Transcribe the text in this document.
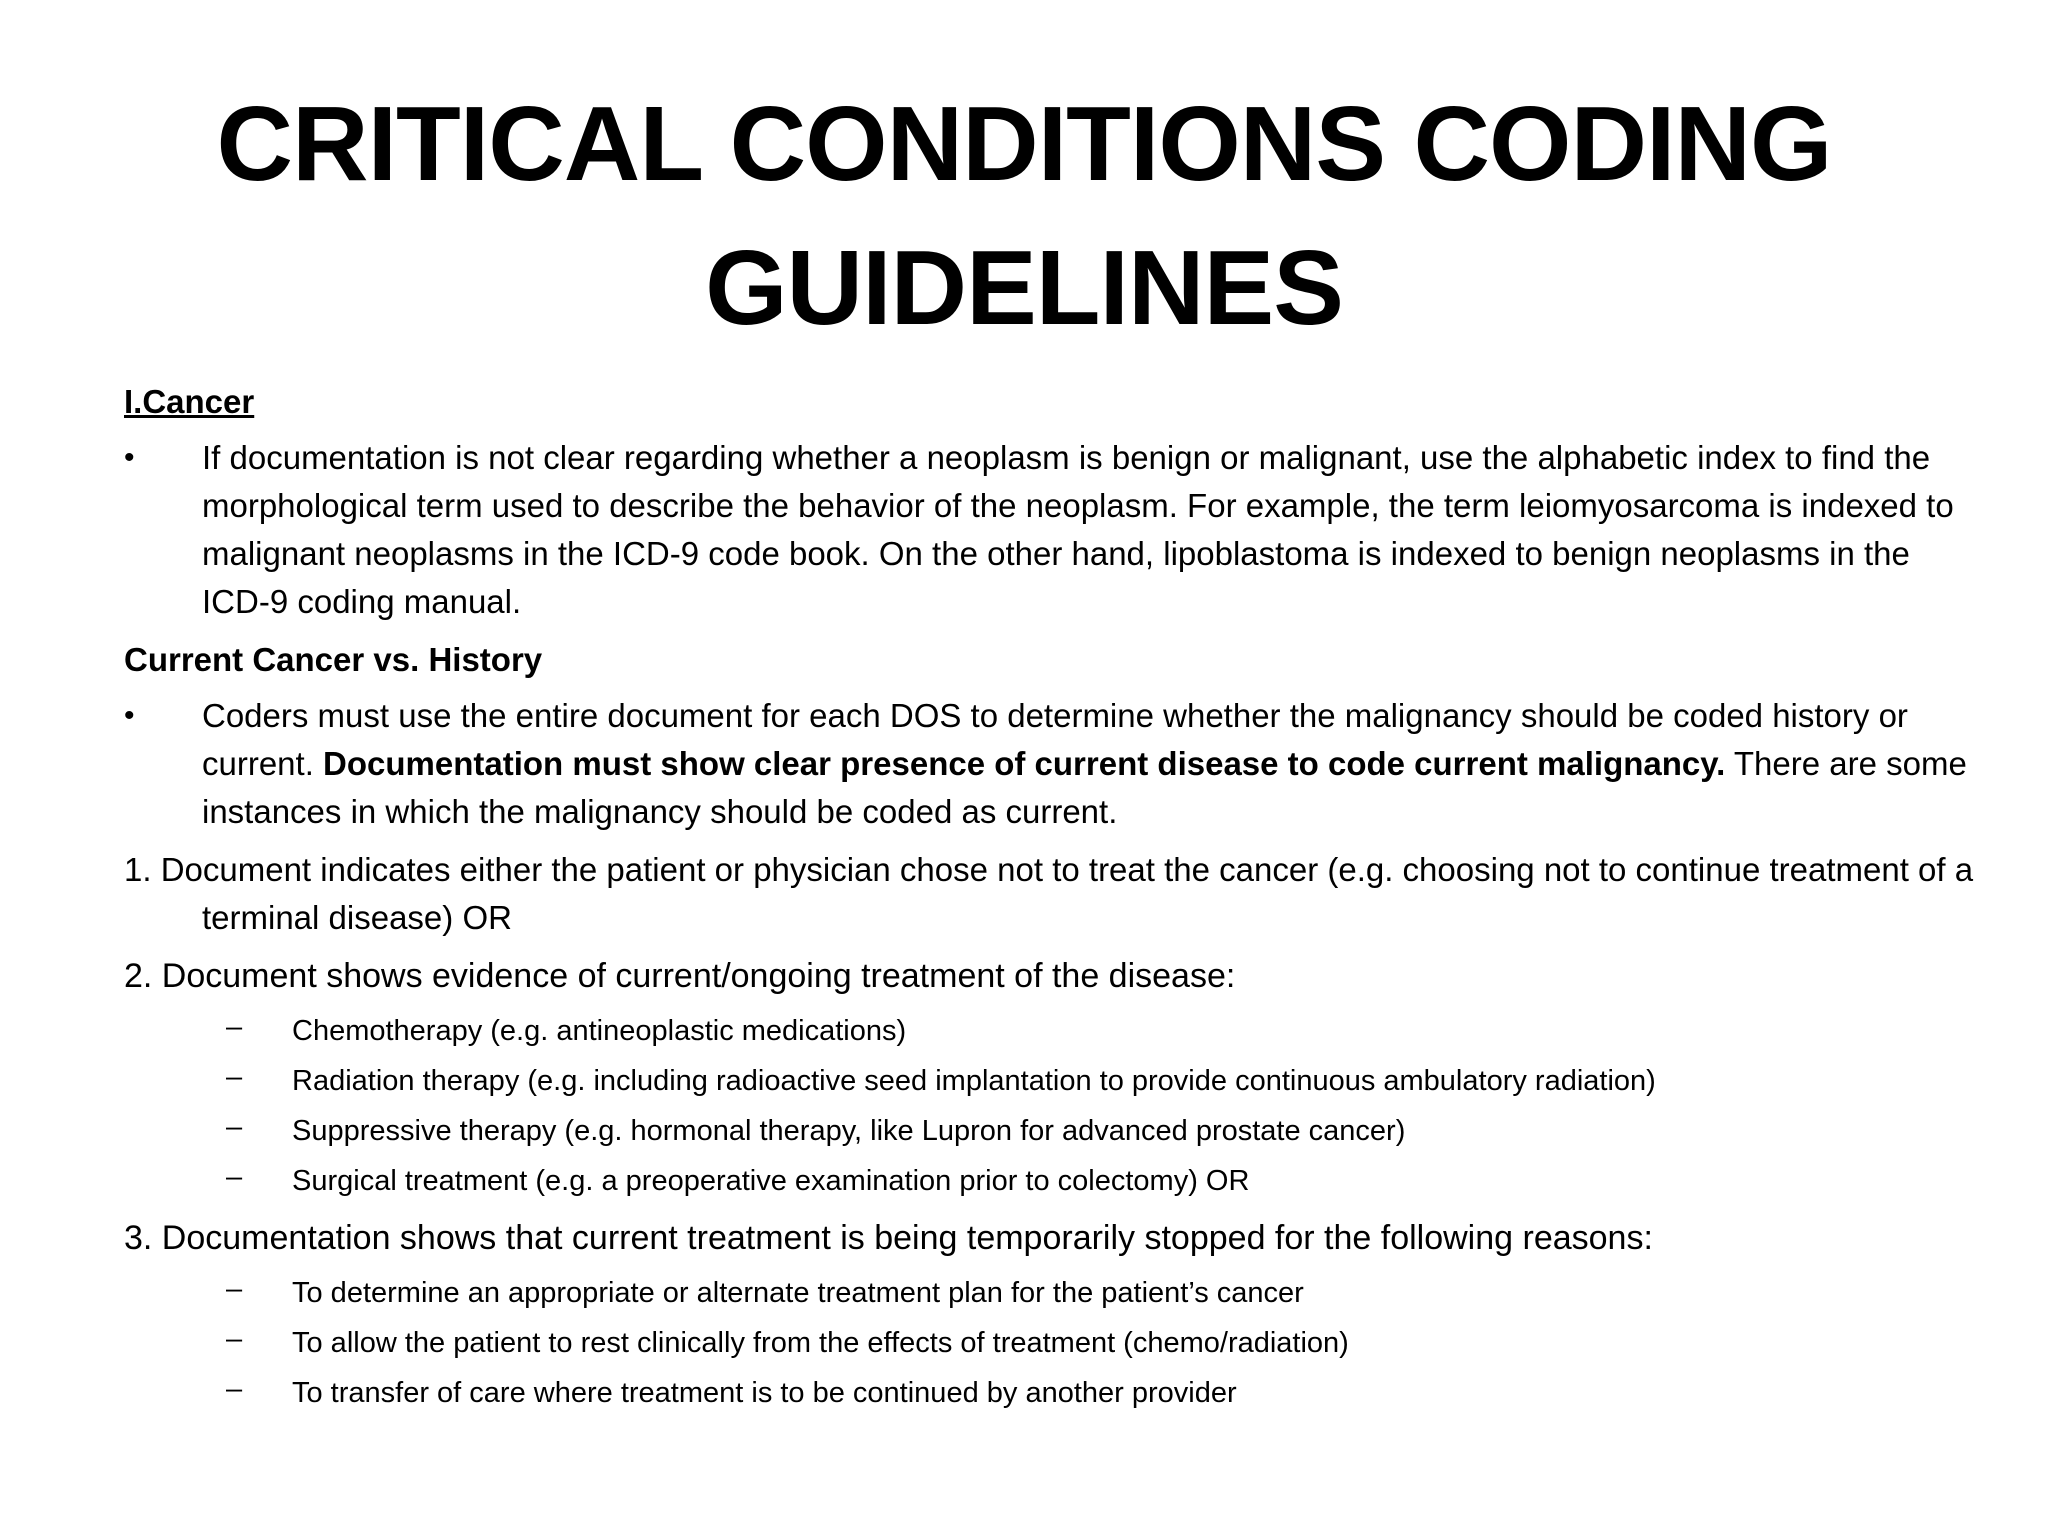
CRITICAL CONDITIONS CODING
GUIDELINES

I.Cancer

• If documentation is not clear regarding whether a neoplasm is benign or malignant, use the alphabetic index to find the morphological term used to describe the behavior of the neoplasm. For example, the term leiomyosarcoma is indexed to malignant neoplasms in the ICD-9 code book. On the other hand, lipoblastoma is indexed to benign neoplasms in the ICD-9 coding manual.

Current Cancer vs. History

• Coders must use the entire document for each DOS to determine whether the malignancy should be coded history or current. Documentation must show clear presence of current disease to code current malignancy. There are some instances in which the malignancy should be coded as current.

1. Document indicates either the patient or physician chose not to treat the cancer (e.g. choosing not to continue treatment of a terminal disease) OR

2. Document shows evidence of current/ongoing treatment of the disease:

– Chemotherapy (e.g. antineoplastic medications)

– Radiation therapy (e.g. including radioactive seed implantation to provide continuous ambulatory radiation)

– Suppressive therapy (e.g. hormonal therapy, like Lupron for advanced prostate cancer)

– Surgical treatment (e.g. a preoperative examination prior to colectomy) OR

3. Documentation shows that current treatment is being temporarily stopped for the following reasons:

– To determine an appropriate or alternate treatment plan for the patient’s cancer

– To allow the patient to rest clinically from the effects of treatment (chemo/radiation)

– To transfer of care where treatment is to be continued by another provider
